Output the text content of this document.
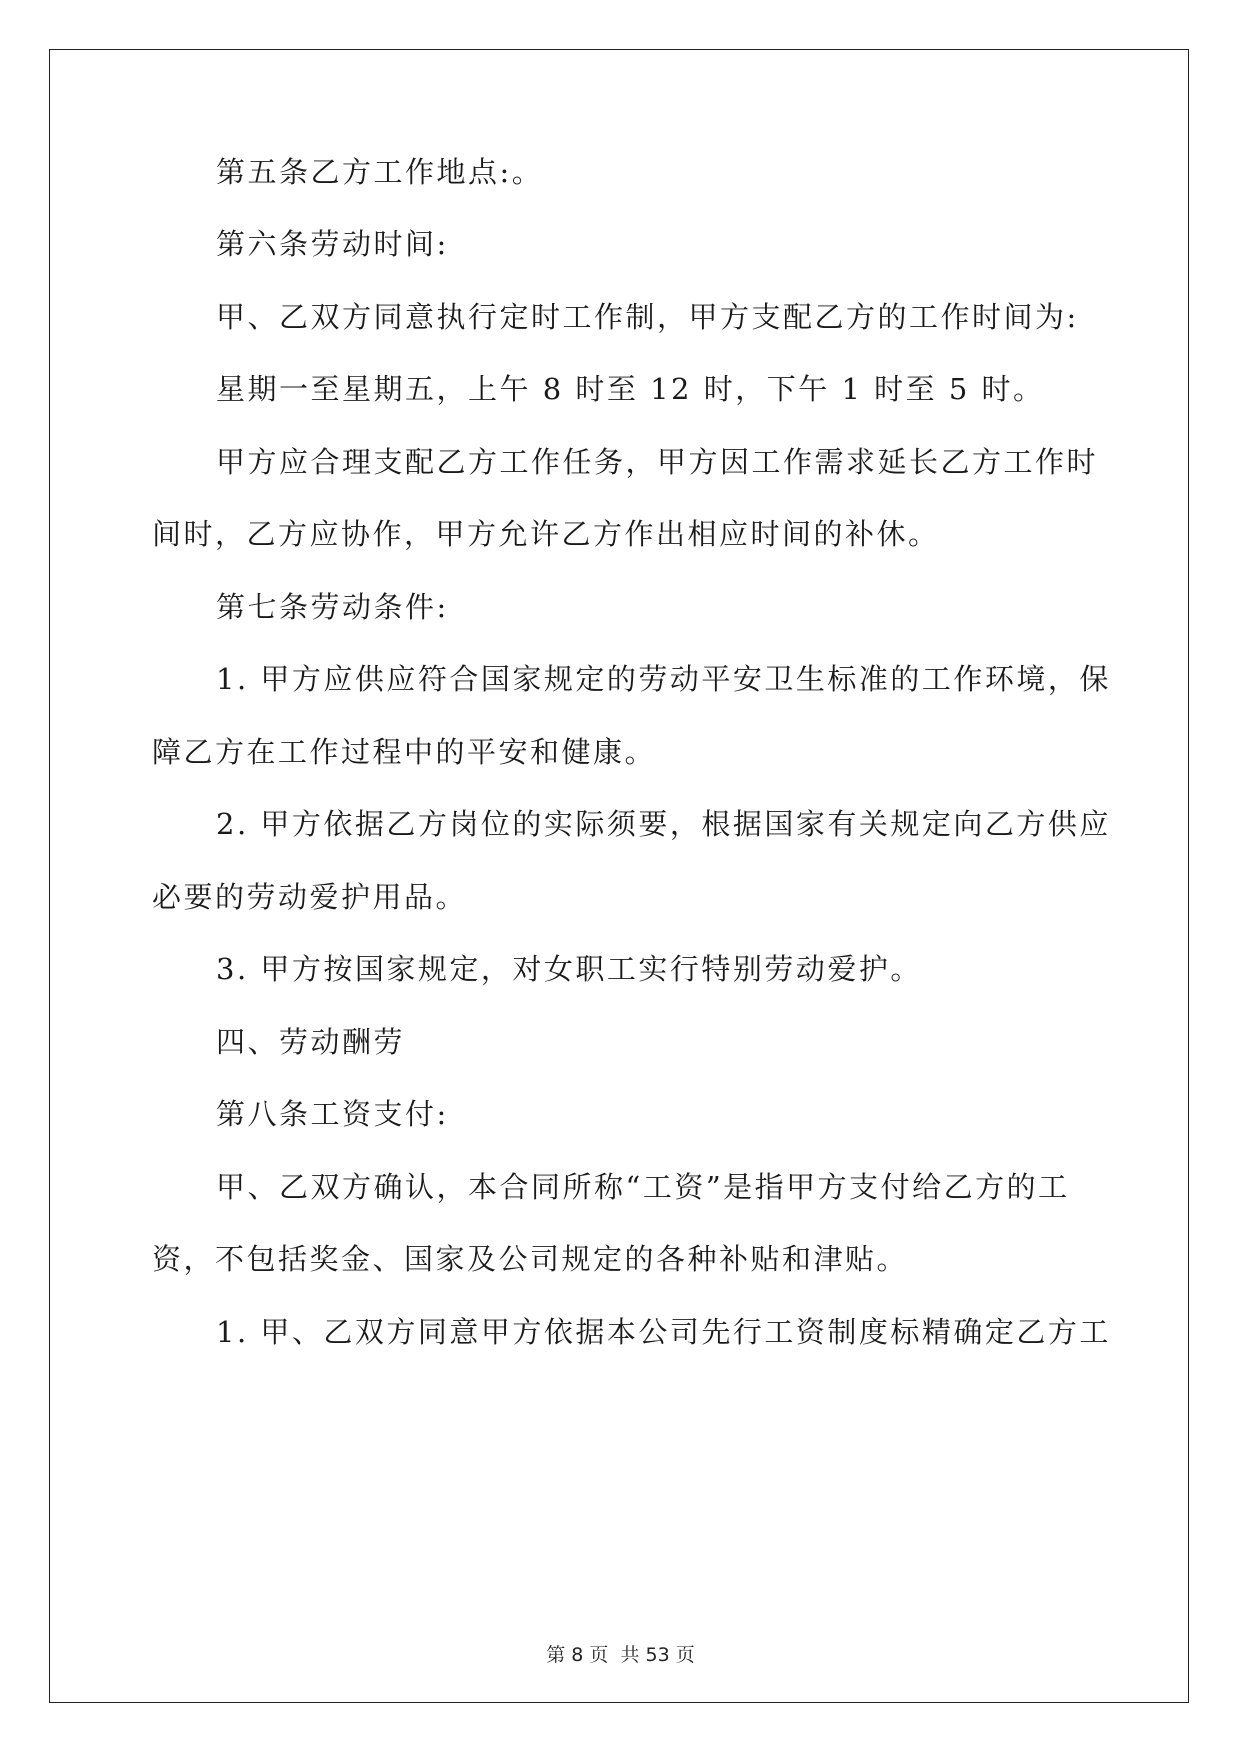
第五条乙方工作地点:。
第六条劳动时间:
甲、乙双方同意执行定时工作制，甲方支配乙方的工作时间为:
星期一至星期五，上午 8 时至 12 时，下午 1 时至 5 时。
甲方应合理支配乙方工作任务，甲方因工作需求延长乙方工作时
间时，乙方应协作，甲方允许乙方作出相应时间的补休。
第七条劳动条件:
1. 甲方应供应符合国家规定的劳动平安卫生标准的工作环境，保
障乙方在工作过程中的平安和健康。
2. 甲方依据乙方岗位的实际须要，根据国家有关规定向乙方供应
必要的劳动爱护用品。
3. 甲方按国家规定，对女职工实行特别劳动爱护。
四、劳动酬劳
第八条工资支付:
甲、乙双方确认，本合同所称“工资”是指甲方支付给乙方的工
资，不包括奖金、国家及公司规定的各种补贴和津贴。
1. 甲、乙双方同意甲方依据本公司先行工资制度标精确定乙方工
第 8 页 共 53 页
